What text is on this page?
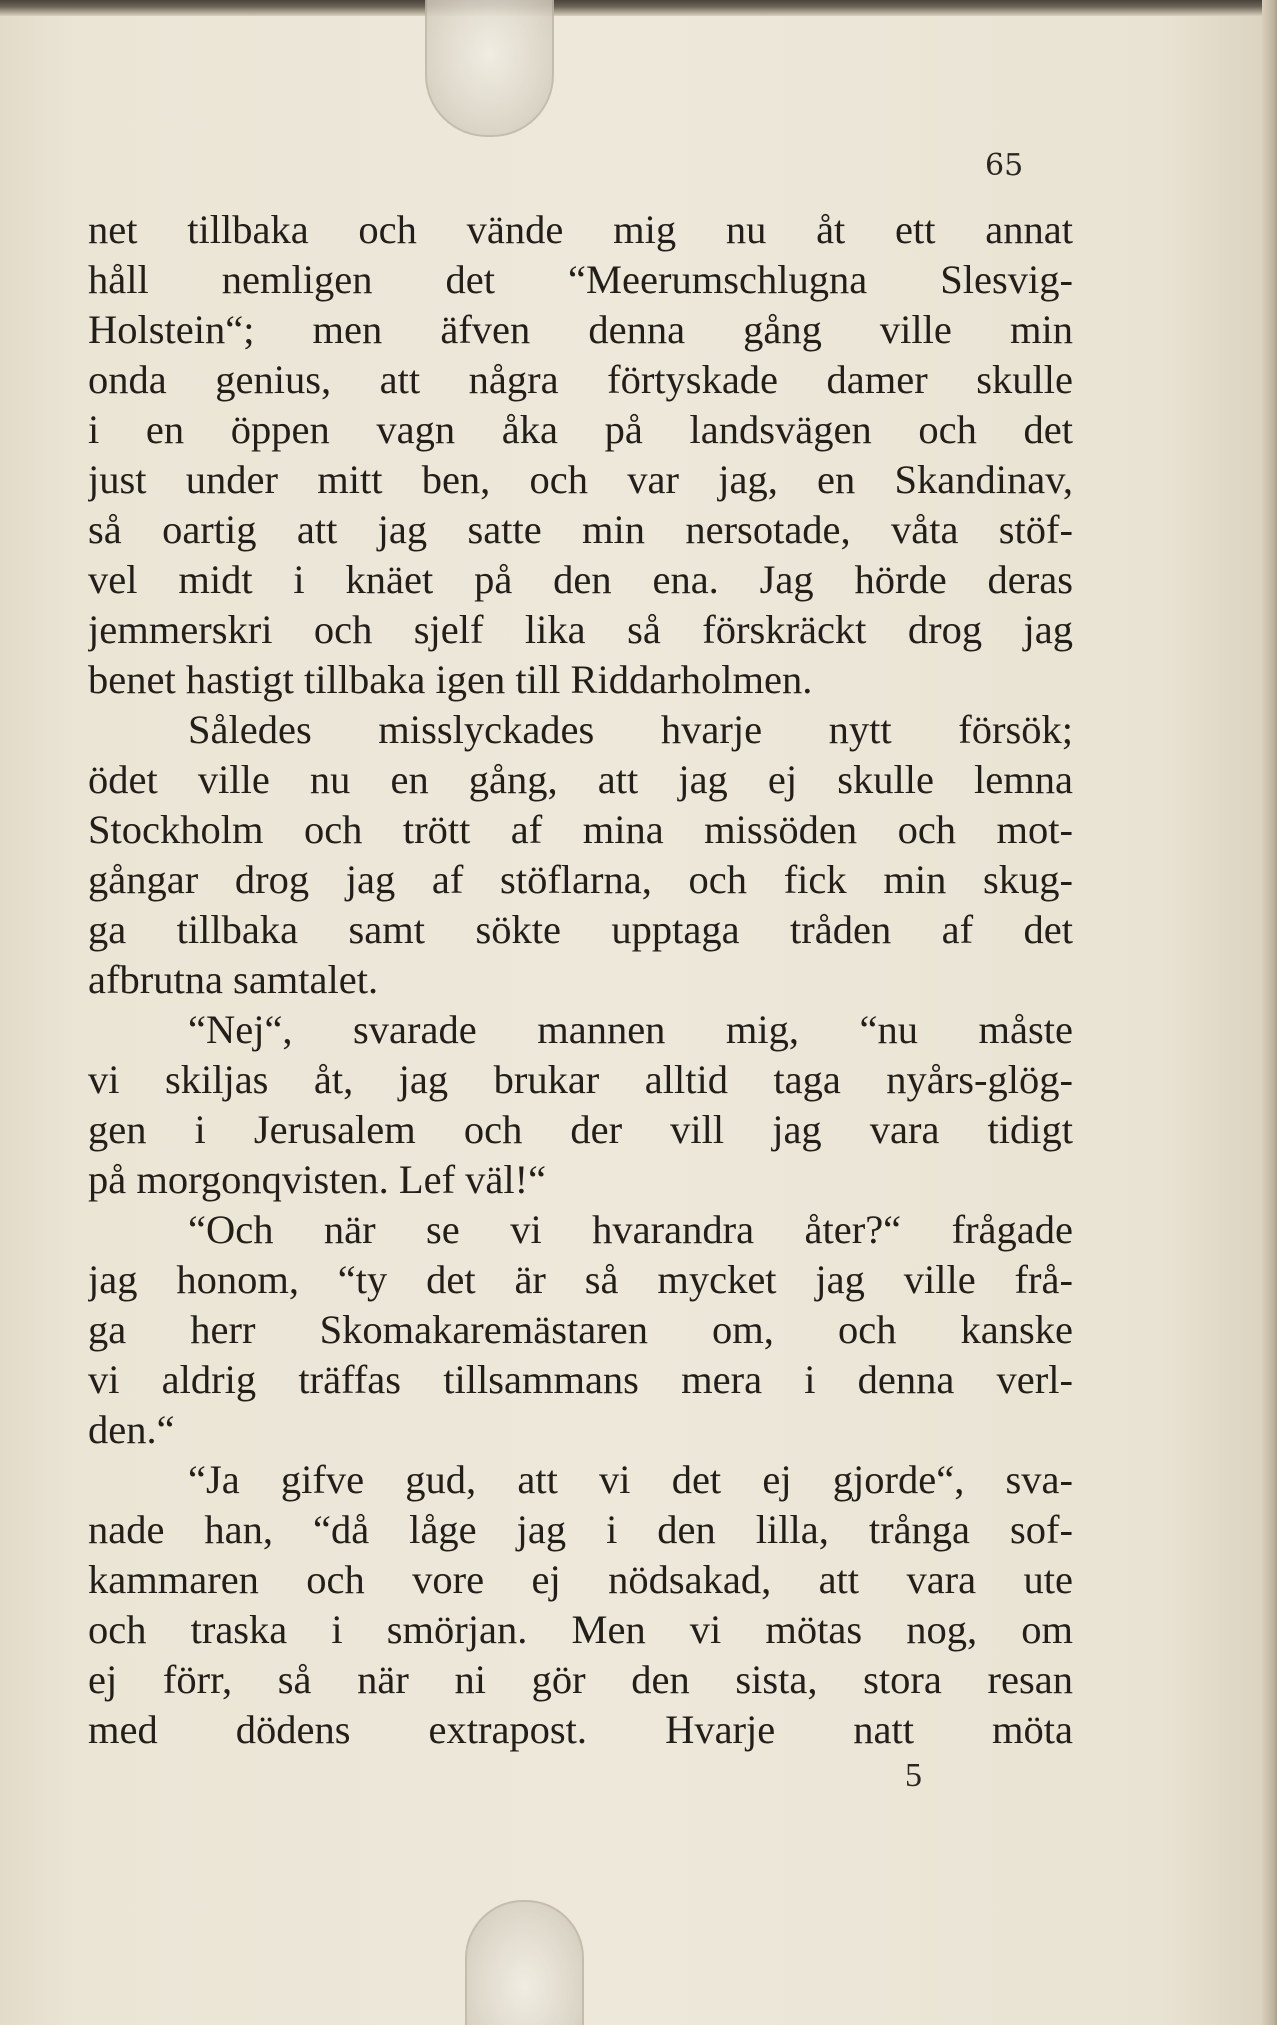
65
net tillbaka och vände mig nu åt ett annat
håll nemligen det “Meerumschlugna Slesvig-
Holstein“; men äfven denna gång ville min
onda genius, att några förtyskade damer skulle
i en öppen vagn åka på landsvägen och det
just under mitt ben, och var jag, en Skandinav,
så oartig att jag satte min nersotade, våta stöf-
vel midt i knäet på den ena. Jag hörde deras
jemmerskri och sjelf lika så förskräckt drog jag
benet hastigt tillbaka igen till Riddarholmen.
Således misslyckades hvarje nytt försök;
ödet ville nu en gång, att jag ej skulle lemna
Stockholm och trött af mina missöden och mot-
gångar drog jag af stöflarna, och fick min skug-
ga tillbaka samt sökte upptaga tråden af det
afbrutna samtalet.
“Nej“, svarade mannen mig, “nu måste
vi skiljas åt, jag brukar alltid taga nyårs-glög-
gen i Jerusalem och der vill jag vara tidigt
på morgonqvisten. Lef väl!“
“Och när se vi hvarandra åter?“ frågade
jag honom, “ty det är så mycket jag ville frå-
ga herr Skomakaremästaren om, och kanske
vi aldrig träffas tillsammans mera i denna verl-
den.“
“Ja gifve gud, att vi det ej gjorde“, sva-
nade han, “då låge jag i den lilla, trånga sof-
kammaren och vore ej nödsakad, att vara ute
och traska i smörjan. Men vi mötas nog, om
ej förr, så när ni gör den sista, stora resan
med dödens extrapost. Hvarje natt möta
5
